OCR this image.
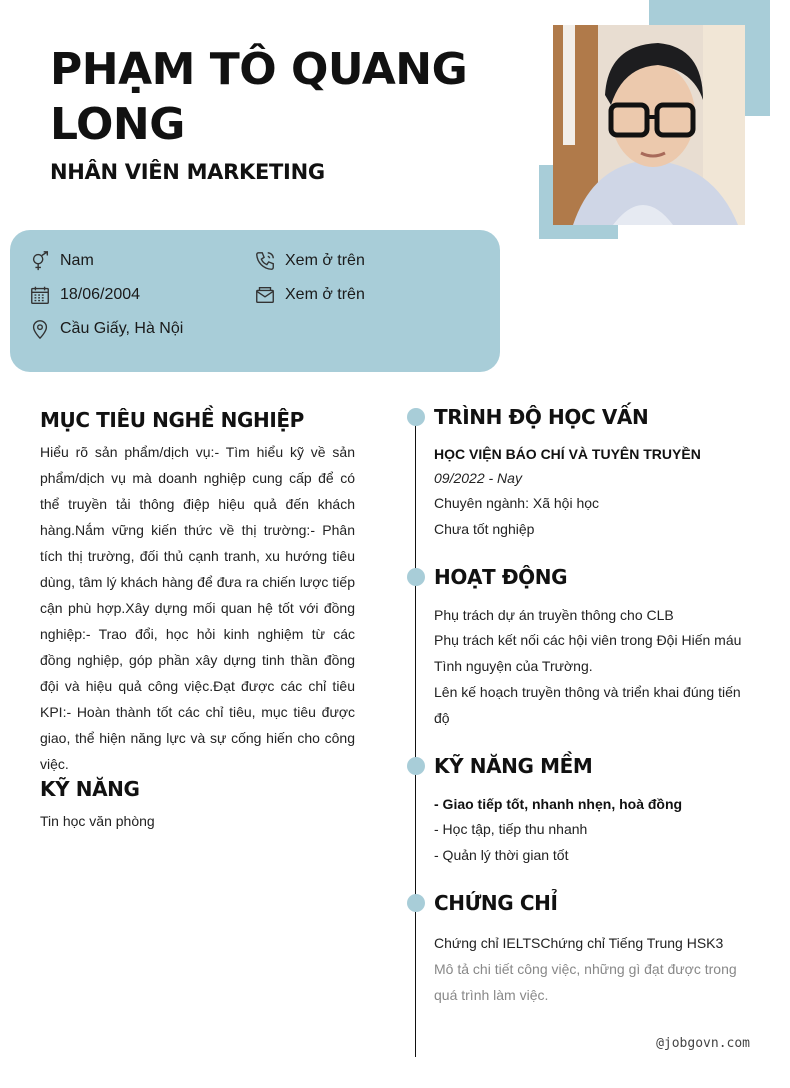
PHẠM TÔ QUANG LONG
NHÂN VIÊN MARKETING
Nam
18/06/2004
Cầu Giấy, Hà Nội
Xem ở trên
Xem ở trên
MỤC TIÊU NGHỀ NGHIỆP
Hiểu rõ sản phẩm/dịch vụ:- Tìm hiểu kỹ về sản phẩm/dịch vụ mà doanh nghiệp cung cấp để có thể truyền tải thông điệp hiệu quả đến khách hàng.Nắm vững kiến thức về thị trường:- Phân tích thị trường, đối thủ cạnh tranh, xu hướng tiêu dùng, tâm lý khách hàng để đưa ra chiến lược tiếp cận phù hợp.Xây dựng mối quan hệ tốt với đồng nghiệp:- Trao đổi, học hỏi kinh nghiệm từ các đồng nghiệp, góp phần xây dựng tinh thần đồng đội và hiệu quả công việc.Đạt được các chỉ tiêu KPI:- Hoàn thành tốt các chỉ tiêu, mục tiêu được giao, thể hiện năng lực và sự cống hiến cho công việc.
KỸ NĂNG
Tin học văn phòng
TRÌNH ĐỘ HỌC VẤN
HỌC VIỆN BÁO CHÍ VÀ TUYÊN TRUYỀN
09/2022 - Nay
Chuyên ngành: Xã hội học
Chưa tốt nghiệp
HOẠT ĐỘNG
Phụ trách dự án truyền thông cho CLB
Phụ trách kết nối các hội viên trong Đội Hiến máu Tình nguyện của Trường.
Lên kế hoạch truyền thông và triển khai đúng tiến độ
KỸ NĂNG MỀM
- Giao tiếp tốt, nhanh nhẹn, hoà đồng
- Học tập, tiếp thu nhanh
- Quản lý thời gian tốt
CHỨNG CHỈ
Chứng chỉ IELTSChứng chỉ Tiếng Trung HSK3
Mô tả chi tiết công việc, những gì đạt được trong quá trình làm việc.
@jobgovn.com
